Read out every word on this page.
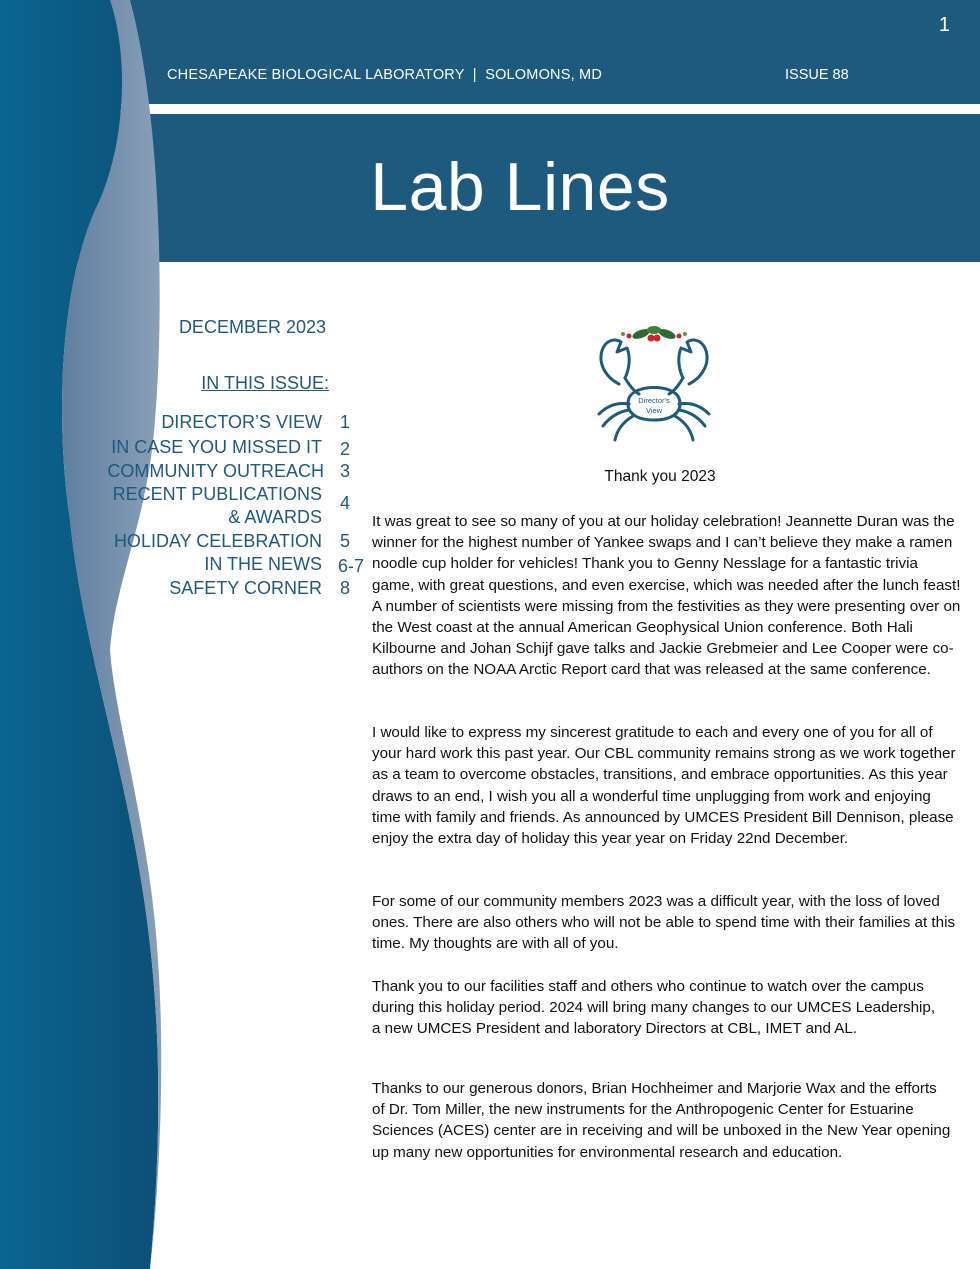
1
CHESAPEAKE BIOLOGICAL LABORATORY  |  SOLOMONS, MD	ISSUE 88
Lab Lines
DECEMBER 2023
IN THIS ISSUE:
DIRECTOR’S VIEW 1
IN CASE YOU MISSED IT 2
COMMUNITY OUTREACH 3
RECENT PUBLICATIONS
& AWARDS
4
HOLIDAY CELEBRATION 5
IN THE NEWS 6-7
SAFETY CORNER 8
Director's
View
Thank you 2023

It was great to see so many of you at our holiday celebration! Jeannette Duran was the winner for the highest number of Yankee swaps and I can’t believe they make a ramen noodle cup holder for vehicles! Thank you to Genny Nesslage for a fantastic trivia game, with great questions, and even exercise, which was needed after the lunch feast! A number of scientists were missing from the festivities as they were presenting over on the West coast at the annual American Geophysical Union conference. Both Hali Kilbourne and Johan Schijf gave talks and Jackie Grebmeier and Lee Cooper were co-authors on the NOAA Arctic Report card that was released at the same conference.

I would like to express my sincerest gratitude to each and every one of you for all of your hard work this past year. Our CBL community remains strong as we work together as a team to overcome obstacles, transitions, and embrace opportunities. As this year draws to an end, I wish you all a wonderful time unplugging from work and enjoying time with family and friends. As announced by UMCES President Bill Dennison, please enjoy the extra day of holiday this year year on Friday 22nd December.

For some of our community members 2023 was a difficult year, with the loss of loved ones. There are also others who will not be able to spend time with their families at this time. My thoughts are with all of you.

Thank you to our facilities staff and others who continue to watch over the campus during this holiday period. 2024 will bring many changes to our UMCES Leadership, a new UMCES President and laboratory Directors at CBL, IMET and AL.

Thanks to our generous donors, Brian Hochheimer and Marjorie Wax and the efforts of Dr. Tom Miller, the new instruments for the Anthropogenic Center for Estuarine Sciences (ACES) center are in receiving and will be unboxed in the New Year opening up many new opportunities for environmental research and education.
